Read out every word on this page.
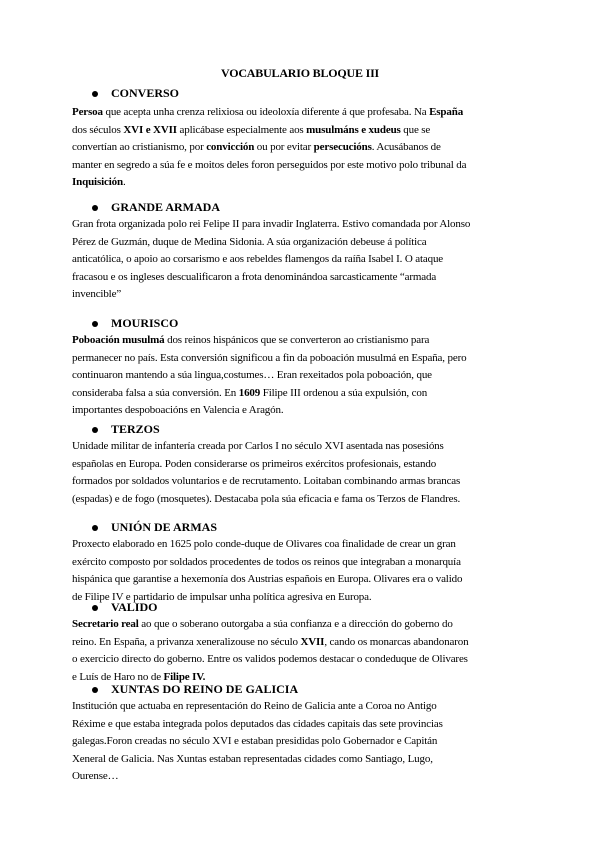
VOCABULARIO BLOQUE III
CONVERSO
Persoa que acepta unha crenza relixiosa ou ideoloxía diferente á que profesaba. Na España
dos séculos XVI e XVII aplicábase especialmente aos musulmáns e xudeus que se
convertían ao cristianismo, por convicción ou por evitar persecucións. Acusábanos de
manter en segredo a súa fe e moitos deles foron perseguidos por este motivo polo tribunal da
Inquisición.
GRANDE ARMADA
Gran frota organizada polo rei Felipe II para invadir Inglaterra. Estivo comandada por Alonso
Pérez de Guzmán, duque de Medina Sidonia. A súa organización debeuse á política
anticatólica, o apoio ao corsarismo e aos rebeldes flamengos da raíña Isabel I. O ataque
fracasou e os ingleses descualificaron a frota denominándoa sarcasticamente “armada
invencible”
MOURISCO
Poboación musulmá dos reinos hispánicos que se converteron ao cristianismo para
permanecer no país. Esta conversión significou a fin da poboación musulmá en España, pero
continuaron mantendo a súa lingua,costumes… Eran rexeitados pola poboación, que
consideraba falsa a súa conversión. En 1609 Filipe III ordenou a súa expulsión, con
importantes despoboacións en Valencia e Aragón.
TERZOS
Unidade militar de infantería creada por Carlos I no século XVI asentada nas posesións
españolas en Europa. Poden considerarse os primeiros exércitos profesionais, estando
formados por soldados voluntarios e de recrutamento. Loitaban combinando armas brancas
(espadas) e de fogo (mosquetes). Destacaba pola súa eficacia e fama os Terzos de Flandres.
UNIÓN DE ARMAS
Proxecto elaborado en 1625 polo conde-duque de Olivares coa finalidade de crear un gran
exército composto por soldados procedentes de todos os reinos que integraban a monarquía
hispánica que garantise a hexemonía dos Austrias españois en Europa. Olivares era o valido
de Filipe IV e partidario de impulsar unha política agresiva en Europa.
VALIDO
Secretario real ao que o soberano outorgaba a súa confianza e a dirección do goberno do
reino. En España, a privanza xeneralizouse no século XVII, cando os monarcas abandonaron
o exercicio directo do goberno. Entre os validos podemos destacar o condeduque de Olivares
e Luís de Haro no de Filipe IV.
XUNTAS DO REINO DE GALICIA
Institución que actuaba en representación do Reino de Galicia ante a Coroa no Antigo
Réxime e que estaba integrada polos deputados das cidades capitais das sete provincias
galegas.Foron creadas no século XVI e estaban presididas polo Gobernador e Capitán
Xeneral de Galicia. Nas Xuntas estaban representadas cidades como Santiago, Lugo,
Ourense…
